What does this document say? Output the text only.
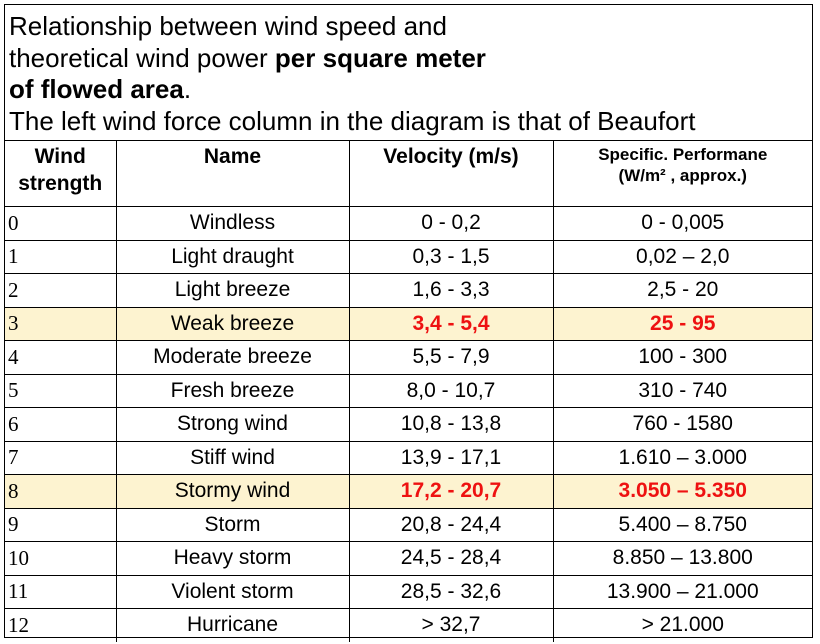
Relationship between wind speed and
theoretical wind power per square meter
of flowed area.
The left wind force column in the diagram is that of Beaufort
Wind
strength	Name	Velocity (m/s)	Specific. Performane
(W/m² , approx.)
0	Windless	0 - 0,2	0 - 0,005
1	Light draught	0,3 - 1,5	0,02 – 2,0
2	Light breeze	1,6 - 3,3	2,5 - 20
3	Weak breeze	3,4 - 5,4	25 - 95
4	Moderate breeze	5,5 - 7,9	100 - 300
5	Fresh breeze	8,0 - 10,7	310 - 740
6	Strong wind	10,8 - 13,8	760 - 1580
7	Stiff wind	13,9 - 17,1	1.610 – 3.000
8	Stormy wind	17,2 - 20,7	3.050 – 5.350
9	Storm	20,8 - 24,4	5.400 – 8.750
10	Heavy storm	24,5 - 28,4	8.850 – 13.800
11	Violent storm	28,5 - 32,6	13.900 – 21.000
12	Hurricane	> 32,7	> 21.000
